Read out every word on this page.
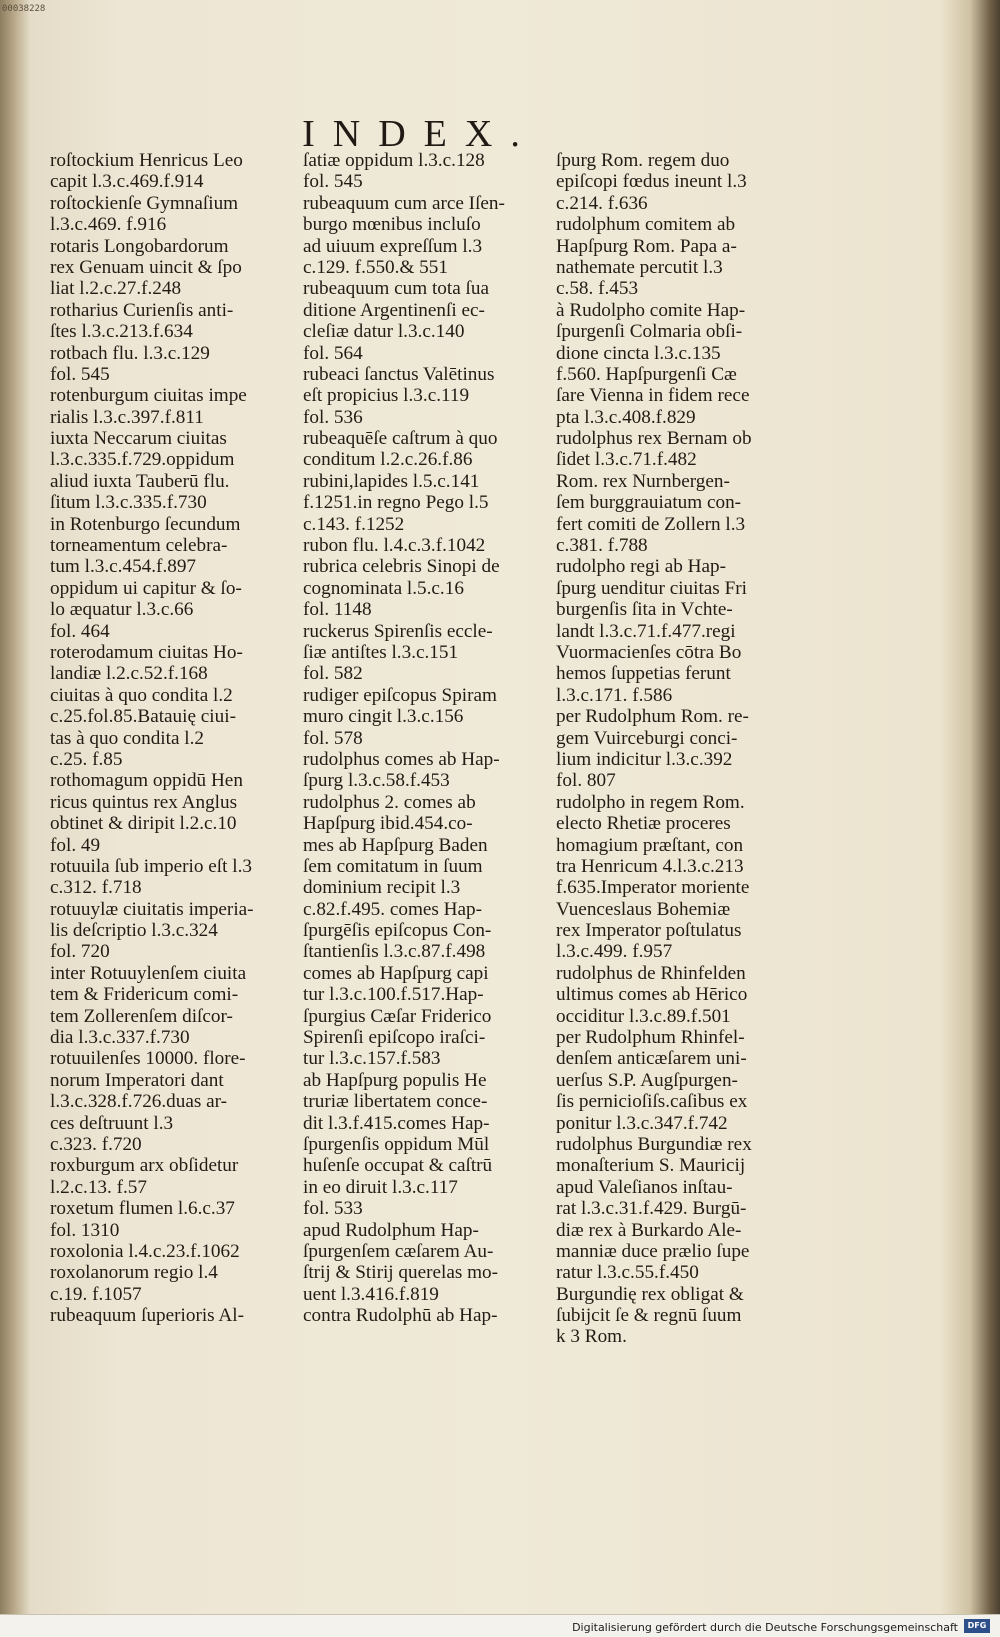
00038228
INDEX.
roſtockium Henricus Leo
capit l.3.c.469.f.914
roſtockienſe Gymnaſium
l.3.c.469. f.916
rotaris Longobardorum
rex Genuam uincit & ſpo
liat l.2.c.27.f.248
rotharius Curienſis anti-
ſtes l.3.c.213.f.634
rotbach flu. l.3.c.129
fol. 545
rotenburgum ciuitas impe
rialis l.3.c.397.f.811
iuxta Neccarum ciuitas
l.3.c.335.f.729.oppidum
aliud iuxta Tauberū flu.
ſitum l.3.c.335.f.730
in Rotenburgo ſecundum
torneamentum celebra-
tum l.3.c.454.f.897
oppidum ui capitur & ſo-
lo æquatur l.3.c.66
fol. 464
roterodamum ciuitas Ho-
landiæ l.2.c.52.f.168
ciuitas à quo condita l.2
c.25.fol.85.Batauię ciui-
tas à quo condita l.2
c.25. f.85
rothomagum oppidū Hen
ricus quintus rex Anglus
obtinet & diripit l.2.c.10
fol. 49
rotuuila ſub imperio eſt l.3
c.312. f.718
rotuuylæ ciuitatis imperia-
lis deſcriptio l.3.c.324
fol. 720
inter Rotuuylenſem ciuita
tem & Fridericum comi-
tem Zollerenſem diſcor-
dia l.3.c.337.f.730
rotuuilenſes 10000. flore-
norum Imperatori dant
l.3.c.328.f.726.duas ar-
ces deſtruunt l.3
c.323. f.720
roxburgum arx obſidetur
l.2.c.13. f.57
roxetum flumen l.6.c.37
fol. 1310
roxolonia l.4.c.23.f.1062
roxolanorum regio l.4
c.19. f.1057
rubeaquum ſuperioris Al-
ſatiæ oppidum l.3.c.128
fol. 545
rubeaquum cum arce Iſen-
burgo mœnibus incluſo
ad uiuum expreſſum l.3
c.129. f.550.& 551
rubeaquum cum tota ſua
ditione Argentinenſi ec-
cleſiæ datur l.3.c.140
fol. 564
rubeaci ſanctus Valētinus
eſt propicius l.3.c.119
fol. 536
rubeaquēſe caſtrum à quo
conditum l.2.c.26.f.86
rubini,lapides l.5.c.141
f.1251.in regno Pego l.5
c.143. f.1252
rubon flu. l.4.c.3.f.1042
rubrica celebris Sinopi de
cognominata l.5.c.16
fol. 1148
ruckerus Spirenſis eccle-
ſiæ antiſtes l.3.c.151
fol. 582
rudiger epiſcopus Spiram
muro cingit l.3.c.156
fol. 578
rudolphus comes ab Hap-
ſpurg l.3.c.58.f.453
rudolphus 2. comes ab
Hapſpurg ibid.454.co-
mes ab Hapſpurg Baden
ſem comitatum in ſuum
dominium recipit l.3
c.82.f.495. comes Hap-
ſpurgēſis epiſcopus Con-
ſtantienſis l.3.c.87.f.498
comes ab Hapſpurg capi
tur l.3.c.100.f.517.Hap-
ſpurgius Cæſar Friderico
Spirenſi epiſcopo iraſci-
tur l.3.c.157.f.583
ab Hapſpurg populis He
truriæ libertatem conce-
dit l.3.f.415.comes Hap-
ſpurgenſis oppidum Mūl
huſenſe occupat & caſtrū
in eo diruit l.3.c.117
fol. 533
apud Rudolphum Hap-
ſpurgenſem cæſarem Au-
ſtrij & Stirij querelas mo-
uent l.3.416.f.819
contra Rudolphū ab Hap-
ſpurg Rom. regem duo
epiſcopi fœdus ineunt l.3
c.214. f.636
rudolphum comitem ab
Hapſpurg Rom. Papa a-
nathemate percutit l.3
c.58. f.453
à Rudolpho comite Hap-
ſpurgenſi Colmaria obſi-
dione cincta l.3.c.135
f.560. Hapſpurgenſi Cæ
ſare Vienna in fidem rece
pta l.3.c.408.f.829
rudolphus rex Bernam ob
ſidet l.3.c.71.f.482
Rom. rex Nurnbergen-
ſem burggrauiatum con-
fert comiti de Zollern l.3
c.381. f.788
rudolpho regi ab Hap-
ſpurg uenditur ciuitas Fri
burgenſis ſita in Vchte-
landt l.3.c.71.f.477.regi
Vuormacienſes cōtra Bo
hemos ſuppetias ferunt
l.3.c.171. f.586
per Rudolphum Rom. re-
gem Vuirceburgi conci-
lium indicitur l.3.c.392
fol. 807
rudolpho in regem Rom.
electo Rhetiæ proceres
homagium præſtant, con
tra Henricum 4.l.3.c.213
f.635.Imperator moriente
Vuenceslaus Bohemiæ
rex Imperator poſtulatus
l.3.c.499. f.957
rudolphus de Rhinfelden
ultimus comes ab Hērico
occiditur l.3.c.89.f.501
per Rudolphum Rhinfel-
denſem anticæſarem uni-
uerſus S.P. Augſpurgen-
ſis pernicioſiſs.caſibus ex
ponitur l.3.c.347.f.742
rudolphus Burgundiæ rex
monaſterium S. Mauricij
apud Valeſianos inſtau-
rat l.3.c.31.f.429. Burgū-
diæ rex à Burkardo Ale-
manniæ duce prælio ſupe
ratur l.3.c.55.f.450
Burgundię rex obligat &
ſubijcit ſe & regnū ſuum
k 3 Rom.
Digitalisierung gefördert durch die Deutsche Forschungsgemeinschaft	DFG
